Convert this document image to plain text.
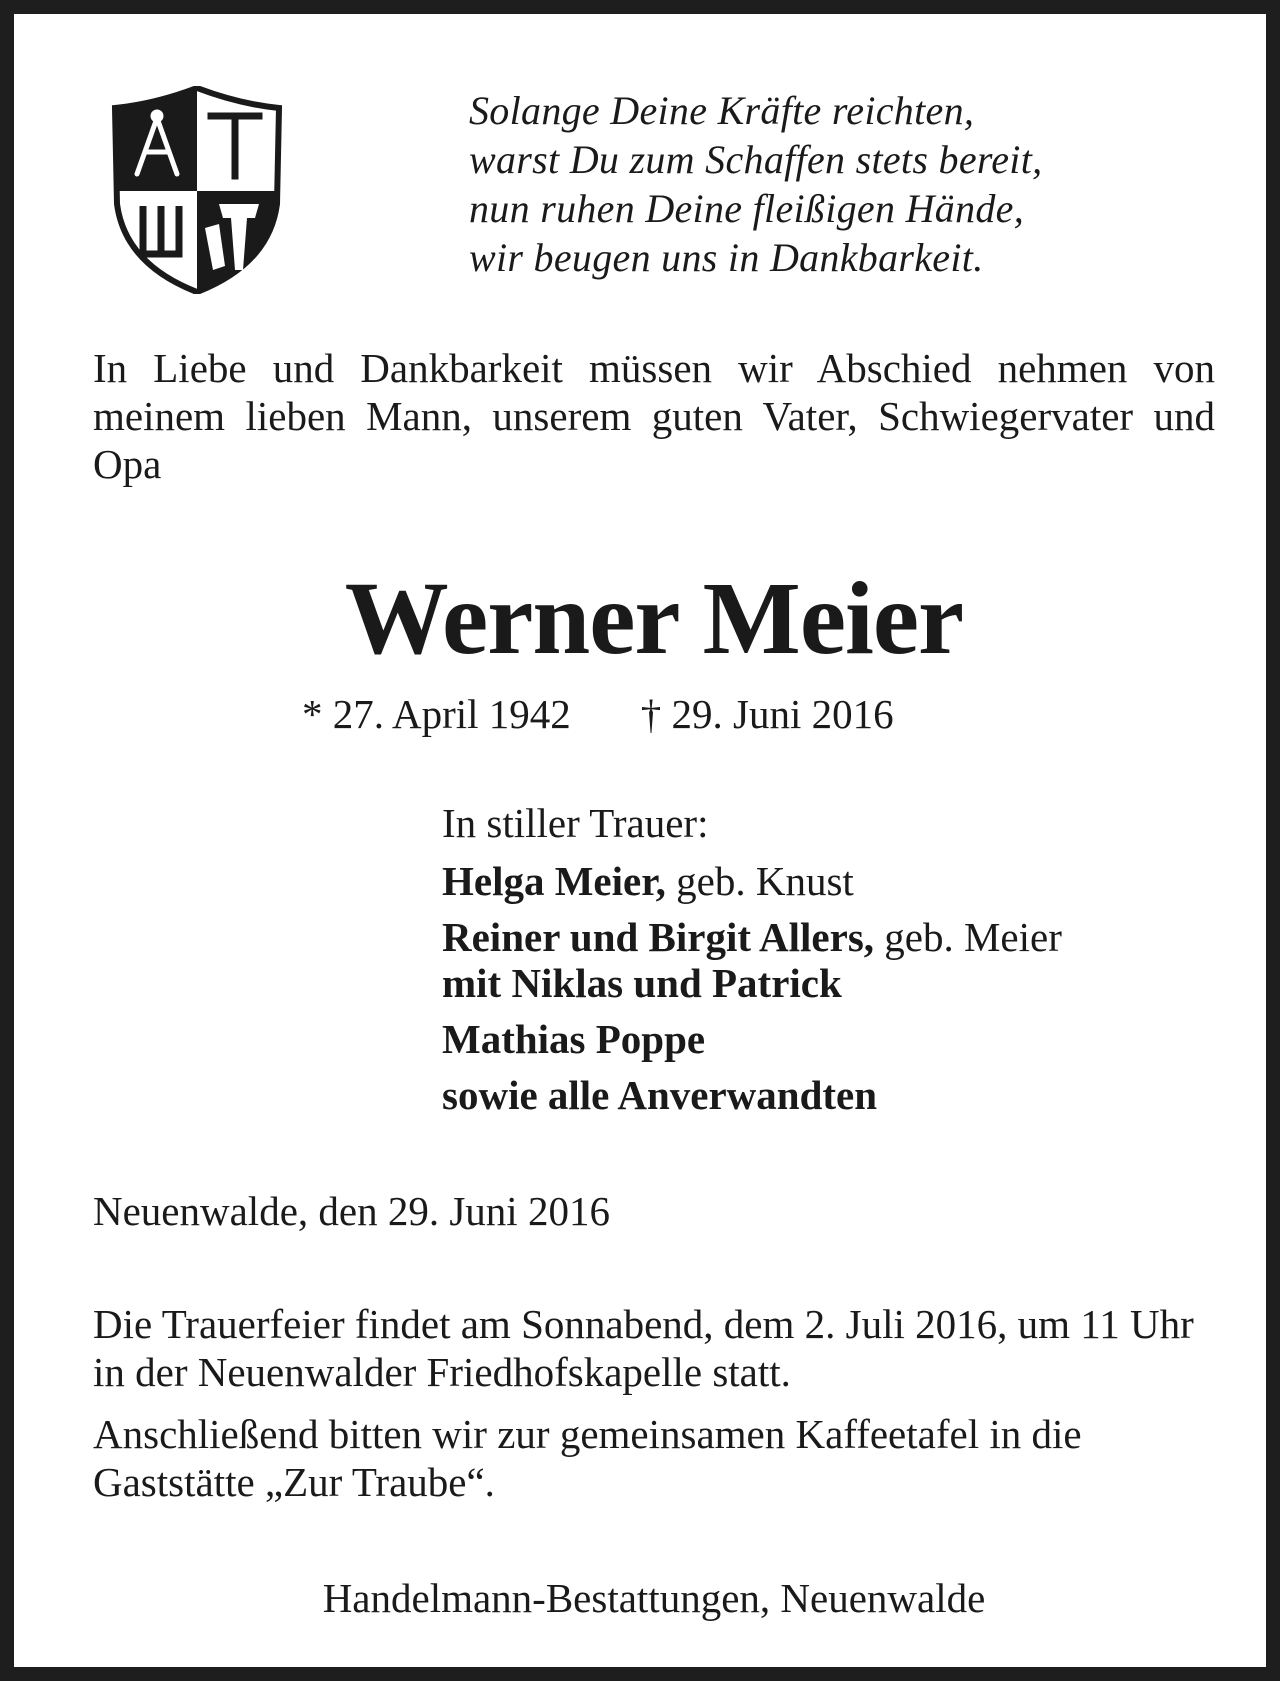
Solange Deine Kräfte reichten,
warst Du zum Schaffen stets bereit,
nun ruhen Deine fleißigen Hände,
wir beugen uns in Dankbarkeit.
In Liebe und Dankbarkeit müssen wir Abschied nehmen von meinem lieben Mann, unserem guten Vater, Schwiegervater und Opa
Werner Meier
* 27. April 1942 † 29. Juni 2016
In stiller Trauer:
Helga Meier, geb. Knust
Reiner und Birgit Allers, geb. Meier
mit Niklas und Patrick
Mathias Poppe
sowie alle Anverwandten
Neuenwalde, den 29. Juni 2016

Die Trauerfeier findet am Sonnabend, dem 2. Juli 2016, um 11 Uhr in der Neuenwalder Friedhofskapelle statt.

Anschließend bitten wir zur gemeinsamen Kaffeetafel in die Gaststätte „Zur Traube“.

Handelmann-Bestattungen, Neuenwalde
